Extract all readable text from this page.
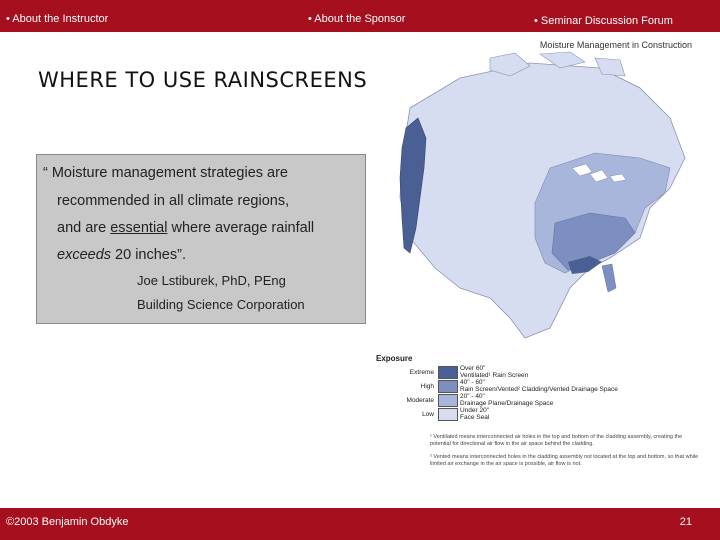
• About the Instructor	• About the Sponsor	• Seminar Discussion Forum
Moisture Management in Construction
WHERE TO USE RAINSCREENS
“ Moisture management strategies are
recommended in all climate regions,
and are essential where average rainfall
exceeds 20 inches”.
Joe Lstiburek, PhD, PEng
Building Science Corporation
Exposure
Extreme
Over 60"
Ventilated¹ Rain Screen
High
40" - 60"
Rain Screen/Vented² Cladding/Vented Drainage Space
Moderate
20" - 40"
Drainage Plane/Drainage Space
Low
Under 20"
Face Seal
¹ Ventilated means interconnected air holes in the top and bottom of the cladding assembly, creating the potential for directional air flow in the air space behind the cladding.
² Vented means interconnected holes in the cladding assembly not located at the top and bottom, so that while limited air exchange in the air space is possible, air flow is not.
©2003 Benjamin Obdyke	21
